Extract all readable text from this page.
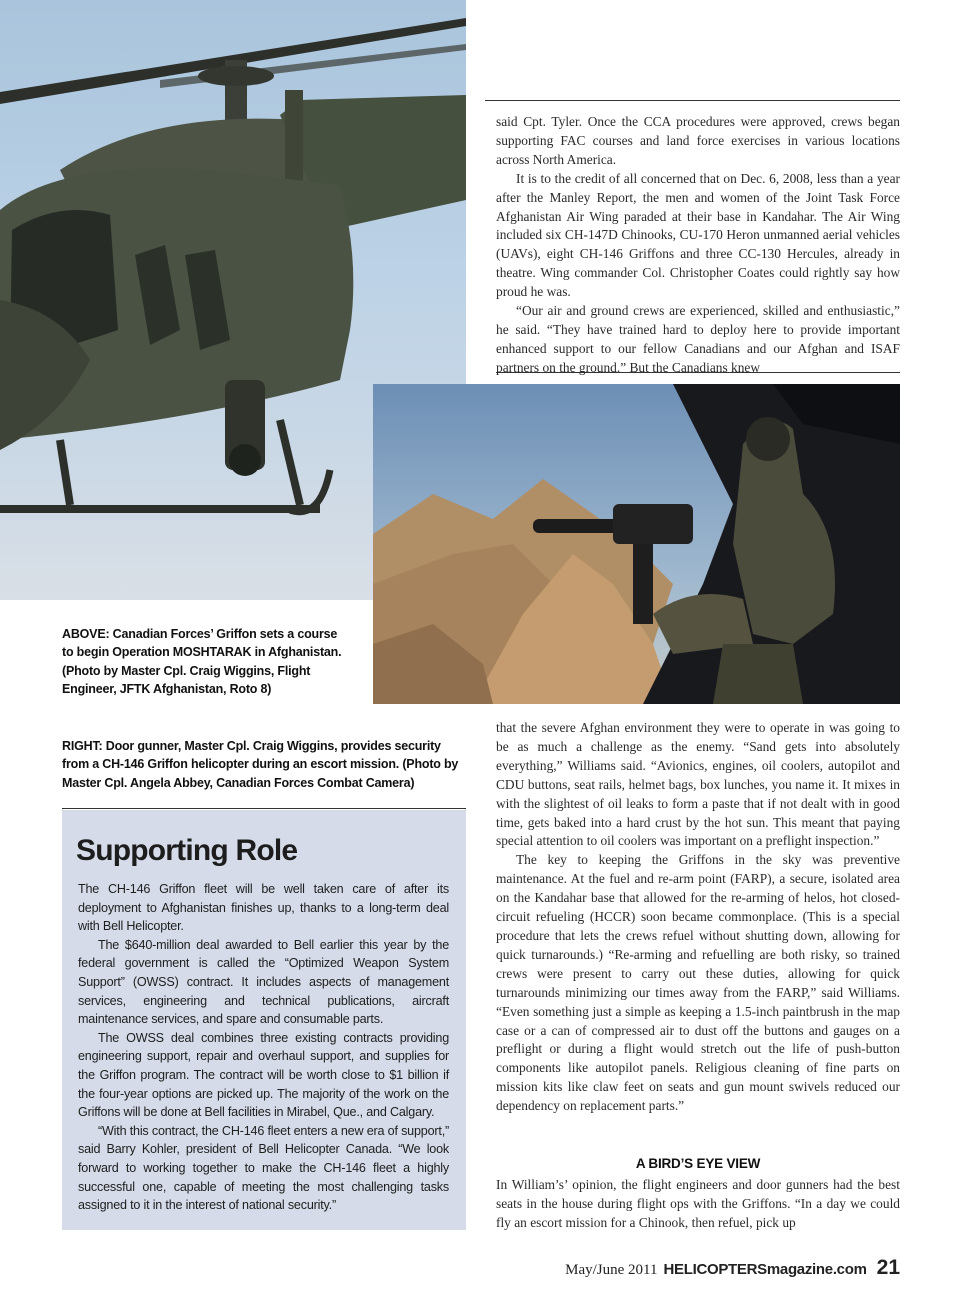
said Cpt. Tyler. Once the CCA procedures were approved, crews began supporting FAC courses and land force exercises in various locations across North America.

It is to the credit of all concerned that on Dec. 6, 2008, less than a year after the Manley Report, the men and women of the Joint Task Force Afghanistan Air Wing paraded at their base in Kandahar. The Air Wing included six CH-147D Chinooks, CU-170 Heron unmanned aerial vehicles (UAVs), eight CH-146 Griffons and three CC-130 Hercules, already in theatre. Wing commander Col. Christopher Coates could rightly say how proud he was.

“Our air and ground crews are experienced, skilled and enthusiastic,” he said. “They have trained hard to deploy here to provide important enhanced support to our fellow Canadians and our Afghan and ISAF partners on the ground.” But the Canadians knew

ABOVE: Canadian Forces’ Griffon sets a course to begin Operation MOSHTARAK in Afghanistan. (Photo by Master Cpl. Craig Wiggins, Flight Engineer, JFTK Afghanistan, Roto 8)
RIGHT: Door gunner, Master Cpl. Craig Wiggins, provides security from a CH-146 Griffon helicopter during an escort mission. (Photo by Master Cpl. Angela Abbey, Canadian Forces Combat Camera)
Supporting Role

The CH-146 Griffon fleet will be well taken care of after its deployment to Afghanistan finishes up, thanks to a long-term deal with Bell Helicopter.

The $640-million deal awarded to Bell earlier this year by the federal government is called the “Optimized Weapon System Support” (OWSS) contract. It includes aspects of management services, engineering and technical publications, aircraft maintenance services, and spare and consumable parts.

The OWSS deal combines three existing contracts providing engineering support, repair and overhaul support, and supplies for the Griffon program. The contract will be worth close to $1 billion if the four-year options are picked up. The majority of the work on the Griffons will be done at Bell facilities in Mirabel, Que., and Calgary.

“With this contract, the CH-146 fleet enters a new era of support,” said Barry Kohler, president of Bell Helicopter Canada. “We look forward to working together to make the CH-146 fleet a highly successful one, capable of meeting the most challenging tasks assigned to it in the interest of national security.”

that the severe Afghan environment they were to operate in was going to be as much a challenge as the enemy. “Sand gets into absolutely everything,” Williams said. “Avionics, engines, oil coolers, autopilot and CDU buttons, seat rails, helmet bags, box lunches, you name it. It mixes in with the slightest of oil leaks to form a paste that if not dealt with in good time, gets baked into a hard crust by the hot sun. This meant that paying special attention to oil coolers was important on a preflight inspection.”

The key to keeping the Griffons in the sky was preventive maintenance. At the fuel and re-arm point (FARP), a secure, isolated area on the Kandahar base that allowed for the re-arming of helos, hot closed-circuit refueling (HCCR) soon became commonplace. (This is a special procedure that lets the crews refuel without shutting down, allowing for quick turnarounds.) “Re-arming and refuelling are both risky, so trained crews were present to carry out these duties, allowing for quick turnarounds minimizing our times away from the FARP,” said Williams. “Even something just a simple as keeping a 1.5-inch paintbrush in the map case or a can of compressed air to dust off the buttons and gauges on a preflight or during a flight would stretch out the life of push-button components like autopilot panels. Religious cleaning of fine parts on mission kits like claw feet on seats and gun mount swivels reduced our dependency on replacement parts.”

A BIRD’S EYE VIEW

In William’s’ opinion, the flight engineers and door gunners had the best seats in the house during flight ops with the Griffons. “In a day we could fly an escort mission for a Chinook, then refuel, pick up

May/June 2011 HELICOPTERSmagazine.com 21
